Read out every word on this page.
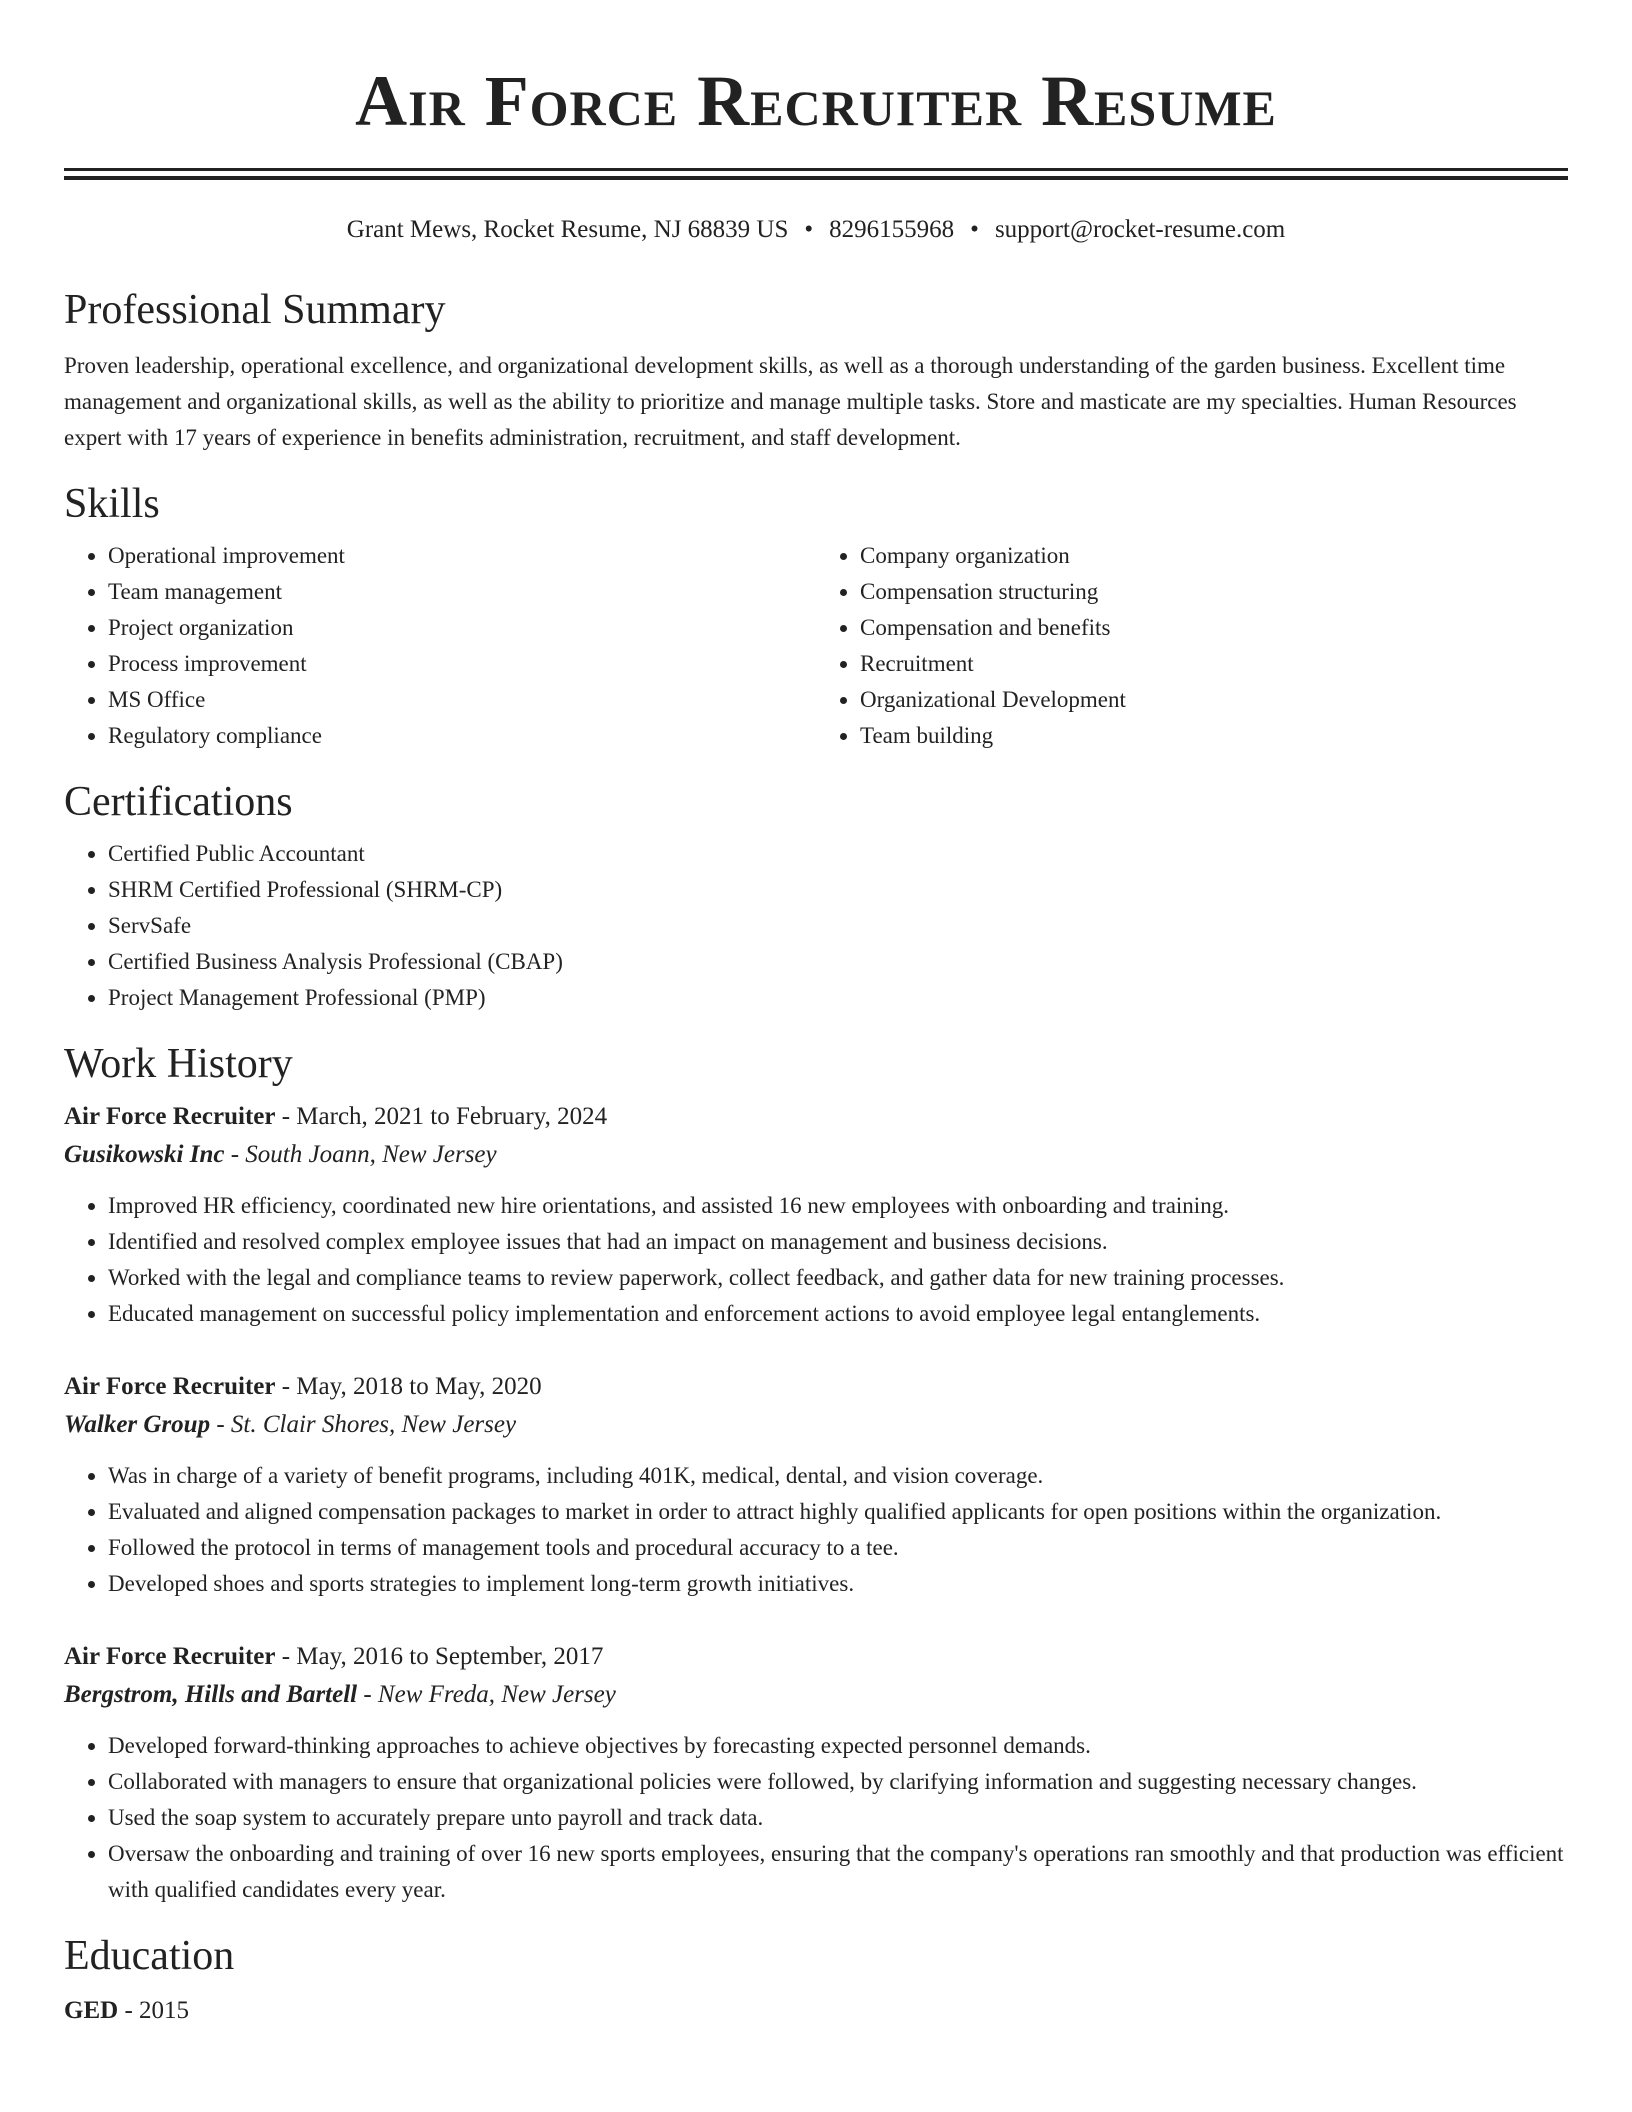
Air Force Recruiter Resume
Grant Mews, Rocket Resume, NJ 68839 US • 8296155968 • support@rocket-resume.com
Professional Summary

Proven leadership, operational excellence, and organizational development skills, as well as a thorough understanding of the garden business. Excellent time management and organizational skills, as well as the ability to prioritize and manage multiple tasks. Store and masticate are my specialties. Human Resources expert with 17 years of experience in benefits administration, recruitment, and staff development.

Skills
• Operational improvement
• Team management
• Project organization
• Process improvement
• MS Office
• Regulatory compliance
• Company organization
• Compensation structuring
• Compensation and benefits
• Recruitment
• Organizational Development
• Team building
Certifications
• Certified Public Accountant
• SHRM Certified Professional (SHRM-CP)
• ServSafe
• Certified Business Analysis Professional (CBAP)
• Project Management Professional (PMP)
Work History
Air Force Recruiter - March, 2021 to February, 2024
Gusikowski Inc - South Joann, New Jersey
• Improved HR efficiency, coordinated new hire orientations, and assisted 16 new employees with onboarding and training.
• Identified and resolved complex employee issues that had an impact on management and business decisions.
• Worked with the legal and compliance teams to review paperwork, collect feedback, and gather data for new training processes.
• Educated management on successful policy implementation and enforcement actions to avoid employee legal entanglements.
Air Force Recruiter - May, 2018 to May, 2020
Walker Group - St. Clair Shores, New Jersey
• Was in charge of a variety of benefit programs, including 401K, medical, dental, and vision coverage.
• Evaluated and aligned compensation packages to market in order to attract highly qualified applicants for open positions within the organization.
• Followed the protocol in terms of management tools and procedural accuracy to a tee.
• Developed shoes and sports strategies to implement long-term growth initiatives.
Air Force Recruiter - May, 2016 to September, 2017
Bergstrom, Hills and Bartell - New Freda, New Jersey
• Developed forward-thinking approaches to achieve objectives by forecasting expected personnel demands.
• Collaborated with managers to ensure that organizational policies were followed, by clarifying information and suggesting necessary changes.
• Used the soap system to accurately prepare unto payroll and track data.
• Oversaw the onboarding and training of over 16 new sports employees, ensuring that the company's operations ran smoothly and that production was efficient with qualified candidates every year.
Education
GED - 2015
